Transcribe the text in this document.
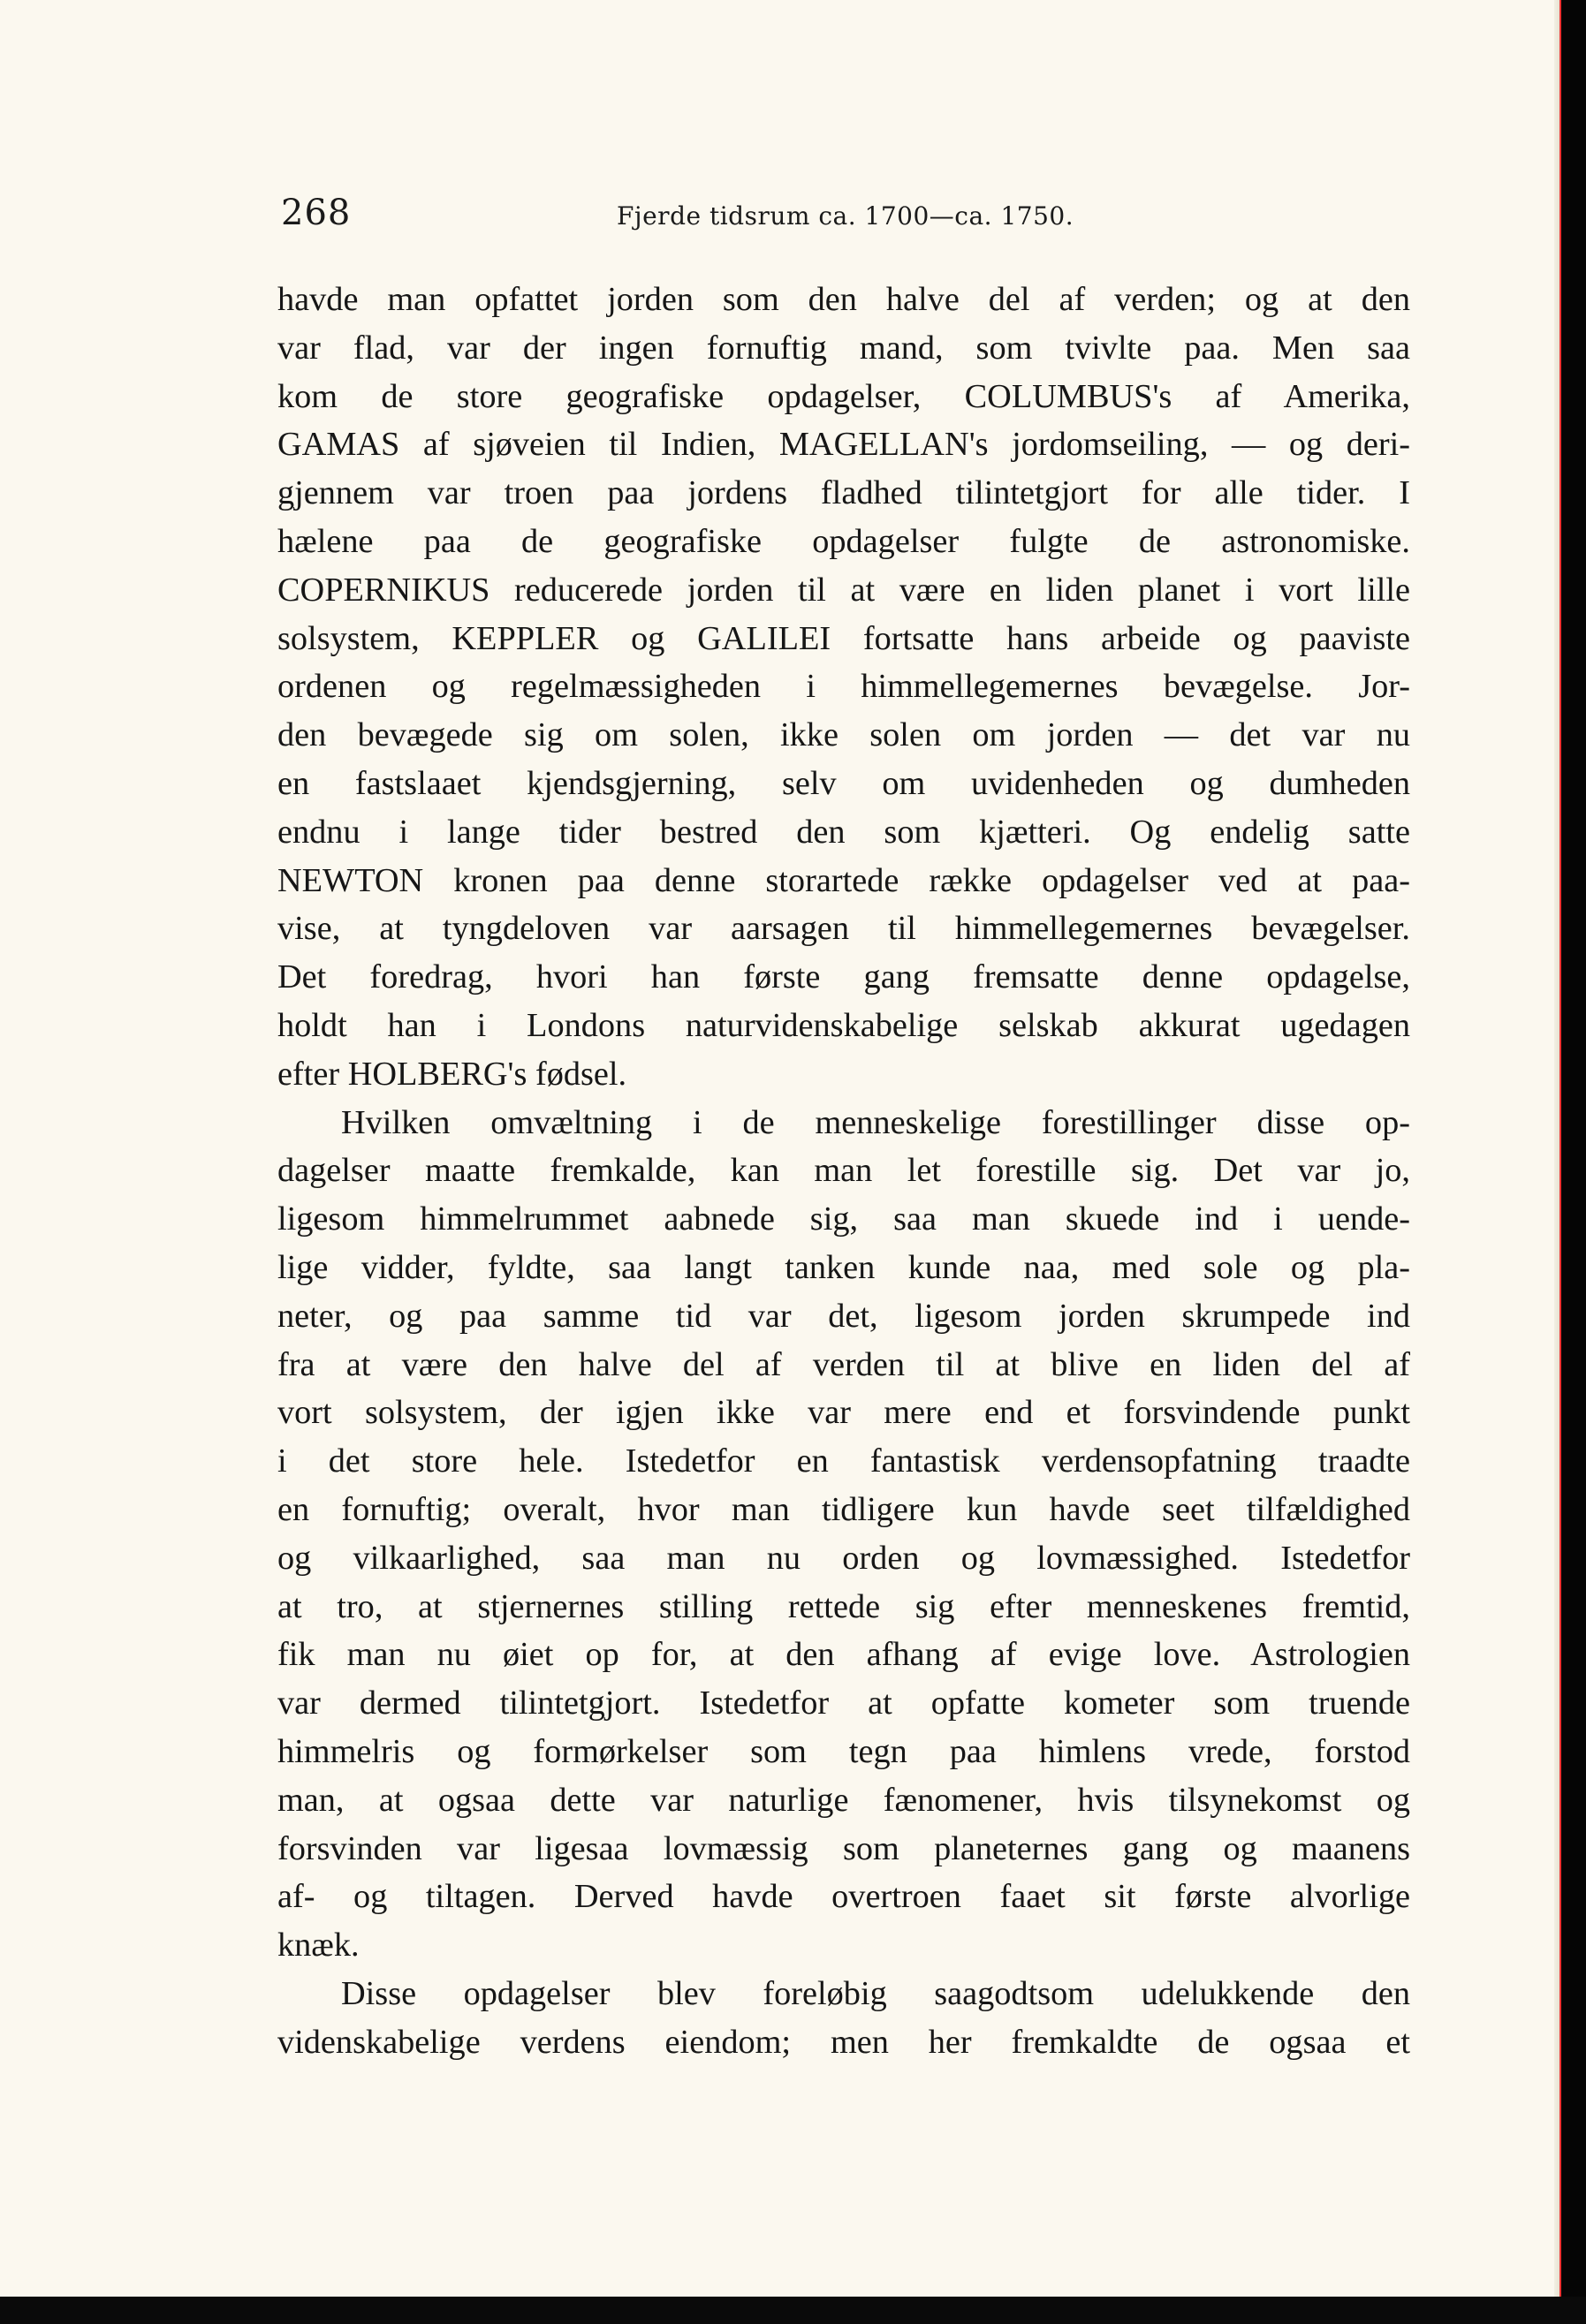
268	Fjerde tidsrum ca. 1700—ca. 1750.

havde man opfattet jorden som den halve del af verden; og at den
var flad, var der ingen fornuftig mand, som tvivlte paa. Men saa
kom de store geografiske opdagelser, COLUMBUS's af Amerika,
GAMAS af sjøveien til Indien, MAGELLAN's jordomseiling, — og deri-
gjennem var troen paa jordens fladhed tilintetgjort for alle tider. I
hælene paa de geografiske opdagelser fulgte de astronomiske.
COPERNIKUS reducerede jorden til at være en liden planet i vort lille
solsystem, KEPPLER og GALILEI fortsatte hans arbeide og paaviste
ordenen og regelmæssigheden i himmellegemernes bevægelse. Jor-
den bevægede sig om solen, ikke solen om jorden — det var nu
en fastslaaet kjendsgjerning, selv om uvidenheden og dumheden
endnu i lange tider bestred den som kjætteri. Og endelig satte
NEWTON kronen paa denne storartede række opdagelser ved at paa-
vise, at tyngdeloven var aarsagen til himmellegemernes bevægelser.
Det foredrag, hvori han første gang fremsatte denne opdagelse,
holdt han i Londons naturvidenskabelige selskab akkurat ugedagen
efter HOLBERG's fødsel.

Hvilken omvæltning i de menneskelige forestillinger disse op-
dagelser maatte fremkalde, kan man let forestille sig. Det var jo,
ligesom himmelrummet aabnede sig, saa man skuede ind i uende-
lige vidder, fyldte, saa langt tanken kunde naa, med sole og pla-
neter, og paa samme tid var det, ligesom jorden skrumpede ind
fra at være den halve del af verden til at blive en liden del af
vort solsystem, der igjen ikke var mere end et forsvindende punkt
i det store hele. Istedetfor en fantastisk verdensopfatning traadte
en fornuftig; overalt, hvor man tidligere kun havde seet tilfældighed
og vilkaarlighed, saa man nu orden og lovmæssighed. Istedetfor
at tro, at stjernernes stilling rettede sig efter menneskenes fremtid,
fik man nu øiet op for, at den afhang af evige love. Astrologien
var dermed tilintetgjort. Istedetfor at opfatte kometer som truende
himmelris og formørkelser som tegn paa himlens vrede, forstod
man, at ogsaa dette var naturlige fænomener, hvis tilsynekomst og
forsvinden var ligesaa lovmæssig som planeternes gang og maanens
af- og tiltagen. Derved havde overtroen faaet sit første alvorlige
knæk.

Disse opdagelser blev foreløbig saagodtsom udelukkende den
videnskabelige verdens eiendom; men her fremkaldte de ogsaa et
